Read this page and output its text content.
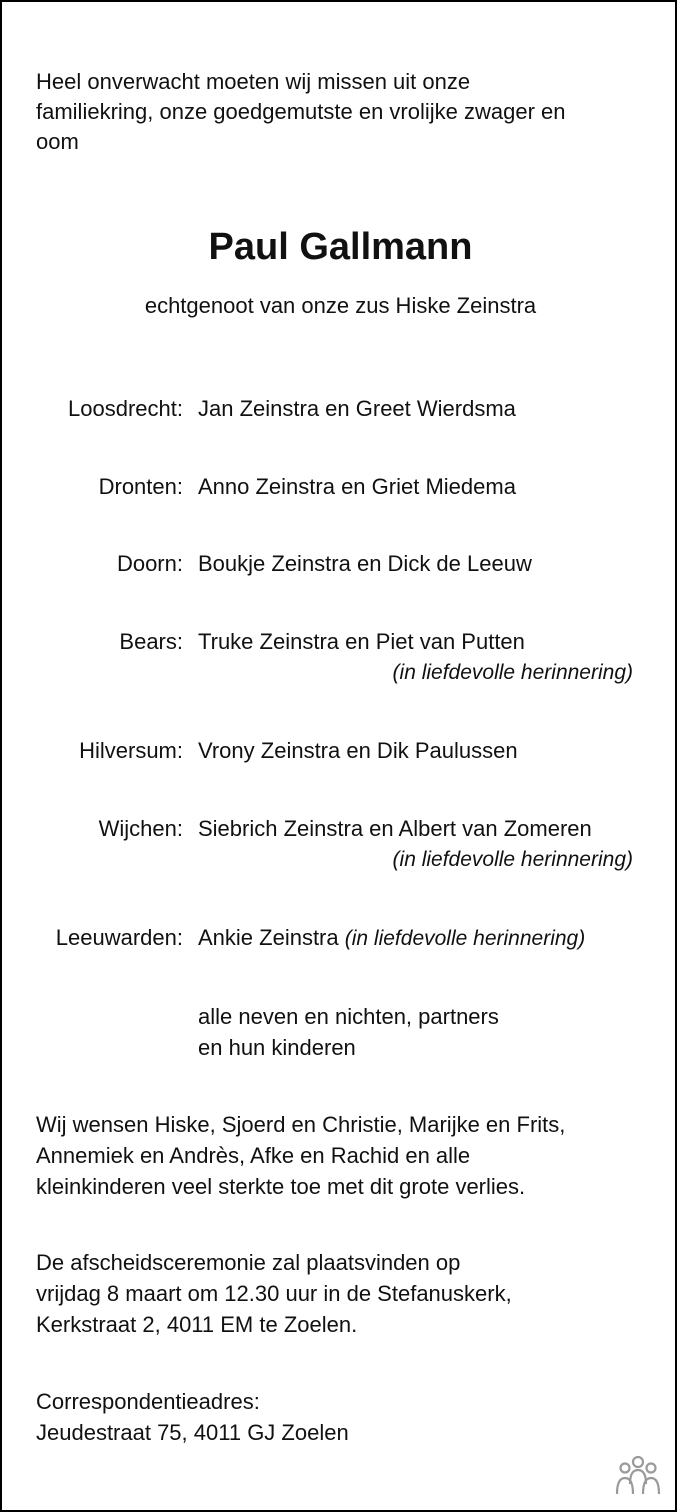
Heel onverwacht moeten wij missen uit onze
familiekring, onze goedgemutste en vrolijke zwager en
oom
Paul Gallmann
echtgenoot van onze zus Hiske Zeinstra
Loosdrecht: Jan Zeinstra en Greet Wierdsma
Dronten: Anno Zeinstra en Griet Miedema
Doorn: Boukje Zeinstra en Dick de Leeuw
Bears: Truke Zeinstra en Piet van Putten
(in liefdevolle herinnering)
Hilversum: Vrony Zeinstra en Dik Paulussen
Wijchen: Siebrich Zeinstra en Albert van Zomeren
(in liefdevolle herinnering)
Leeuwarden: Ankie Zeinstra (in liefdevolle herinnering)
alle neven en nichten, partners
en hun kinderen
Wij wensen Hiske, Sjoerd en Christie, Marijke en Frits,
Annemiek en Andrès, Afke en Rachid en alle
kleinkinderen veel sterkte toe met dit grote verlies.
De afscheidsceremonie zal plaatsvinden op
vrijdag 8 maart om 12.30 uur in de Stefanuskerk,
Kerkstraat 2, 4011 EM te Zoelen.
Correspondentieadres:
Jeudestraat 75, 4011 GJ Zoelen
